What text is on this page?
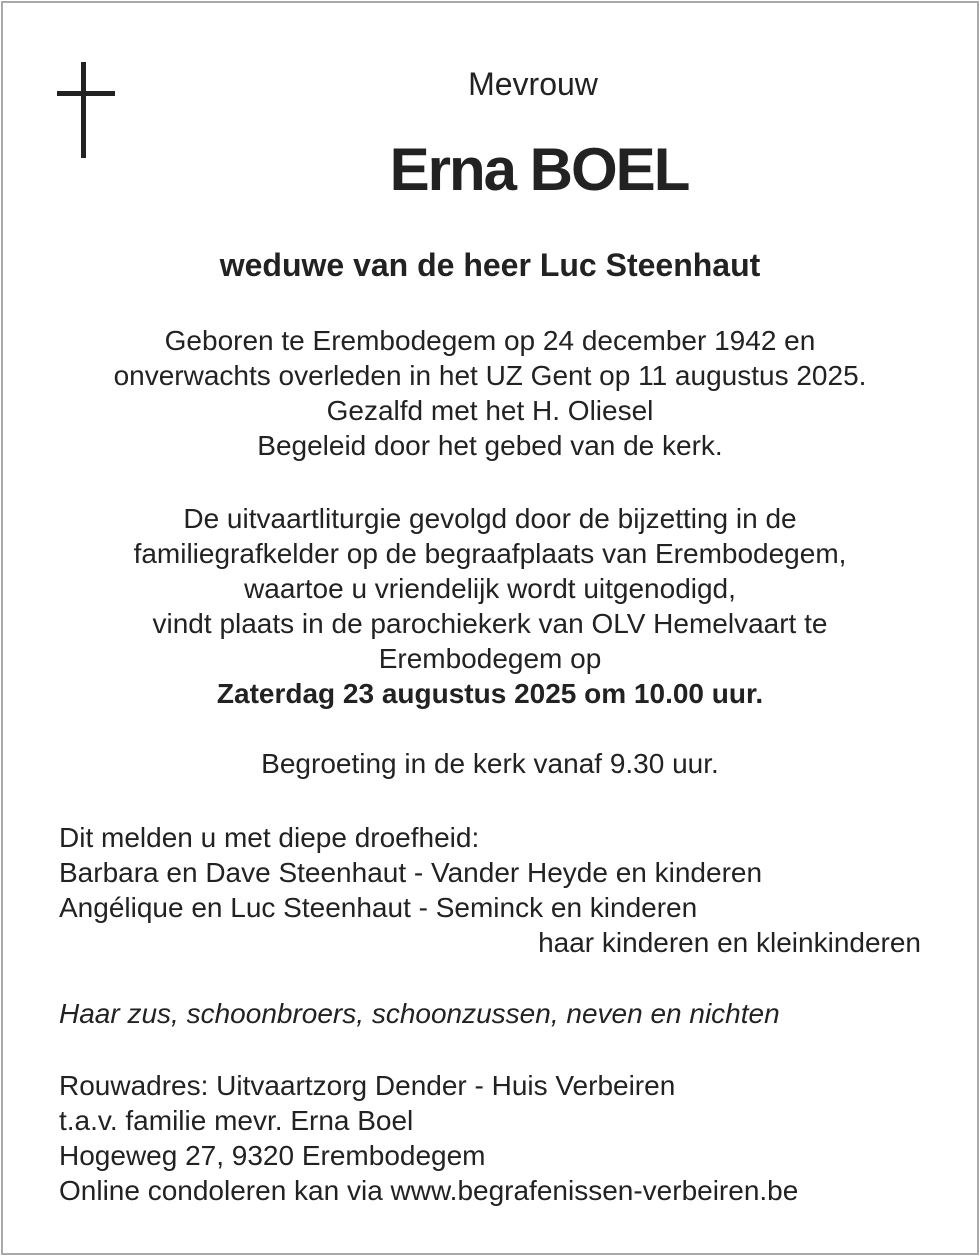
Mevrouw
Erna BOEL
weduwe van de heer Luc Steenhaut
Geboren te Erembodegem op 24 december 1942 en
onverwachts overleden in het UZ Gent op 11 augustus 2025.
Gezalfd met het H. Oliesel
Begeleid door het gebed van de kerk.
De uitvaartliturgie gevolgd door de bijzetting in de
familiegrafkelder op de begraafplaats van Erembodegem,
waartoe u vriendelijk wordt uitgenodigd,
vindt plaats in de parochiekerk van OLV Hemelvaart te
Erembodegem op
Zaterdag 23 augustus 2025 om 10.00 uur.
Begroeting in de kerk vanaf 9.30 uur.
Dit melden u met diepe droefheid:
Barbara en Dave Steenhaut - Vander Heyde en kinderen
Angélique en Luc Steenhaut - Seminck en kinderen
haar kinderen en kleinkinderen
Haar zus, schoonbroers, schoonzussen, neven en nichten
Rouwadres: Uitvaartzorg Dender - Huis Verbeiren
t.a.v. familie mevr. Erna Boel
Hogeweg 27, 9320 Erembodegem
Online condoleren kan via www.begrafenissen-verbeiren.be
